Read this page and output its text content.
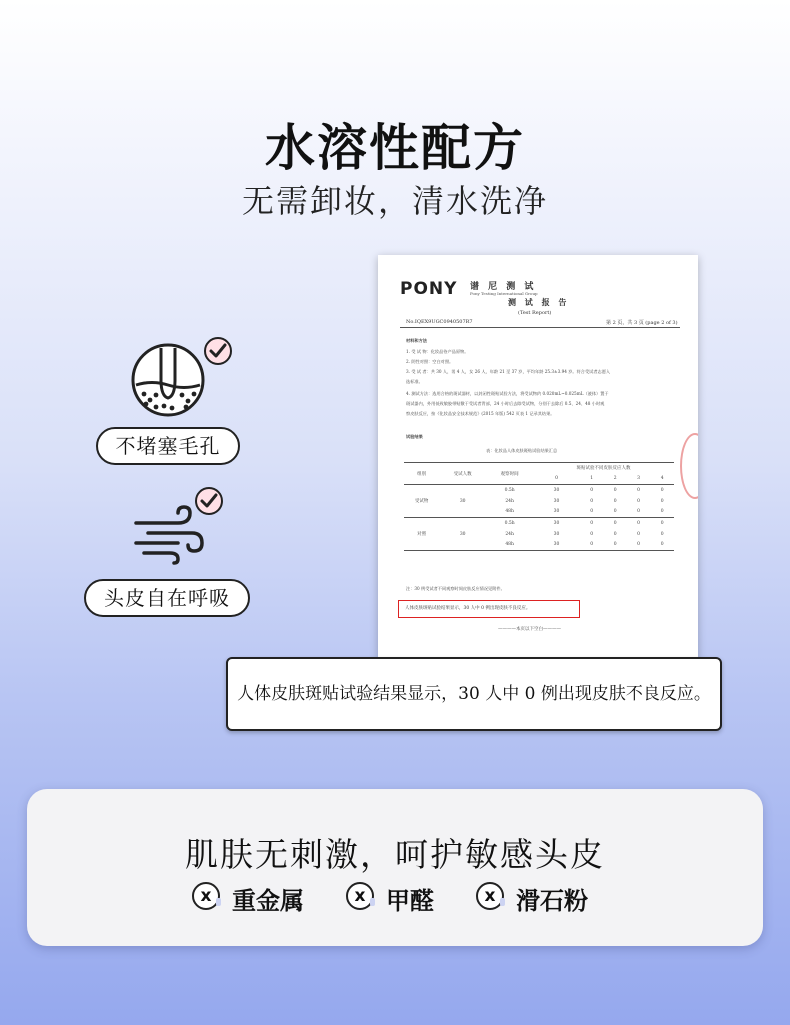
水溶性配方
无需卸妆，清水洗净
不堵塞毛孔
头皮自在呼吸
PONY 谱 尼 测 试
Pony Testing International Group
测 试 报 告
(Test Report)
No.IQEX9UGC0940507R7	第 2 页，共 3 页 (page 2 of 3)
材料和方法
1. 受 试 物：化妆品待产品原物。
2. 阴性对照：空白对照。
3. 受 试 者：共 30 人，男 4 人，女 26 人，年龄 21 至 37 岁，平均年龄 25.3±3.94 岁。符合受试者志愿入
选标准。
4. 测试方法：选用合格的斑试器材，以封闭性斑贴试验方法，将受试物约 0.020mL~0.025mL（液体）置于
斑试器内，外用低致敏胶带贴敷于受试者背部，24 小时后去除受试物，分别于去除后 0.5、24、48 小时观
察皮肤反应，按《化妆品安全技术规范》(2015 年版) 542 页表 1 记录其结果。
试验结果
表：化妆品人体皮肤斑贴试验结果汇总
组别	受试人数	观察时间	斑贴试验不同皮肤反应人数				
			0	1	2	3	4
受试物	30	0.5h	30	0	0	0	0
		24h	30	0	0	0	0
		48h	30	0	0	0	0
对照	30	0.5h	30	0	0	0	0
		24h	30	0	0	0	0
		48h	30	0	0	0	0
注：30 例受试者不同观察时间皮肤反应情况见附件。
人体皮肤斑贴试验结果显示，30 人中 0 例出现皮肤不良反应。
————本页以下空白————
人体皮肤斑贴试验结果显示，30 人中 0 例出现皮肤不良反应。
肌肤无刺激，呵护敏感头皮
x 重金属	x 甲醛	x 滑石粉
